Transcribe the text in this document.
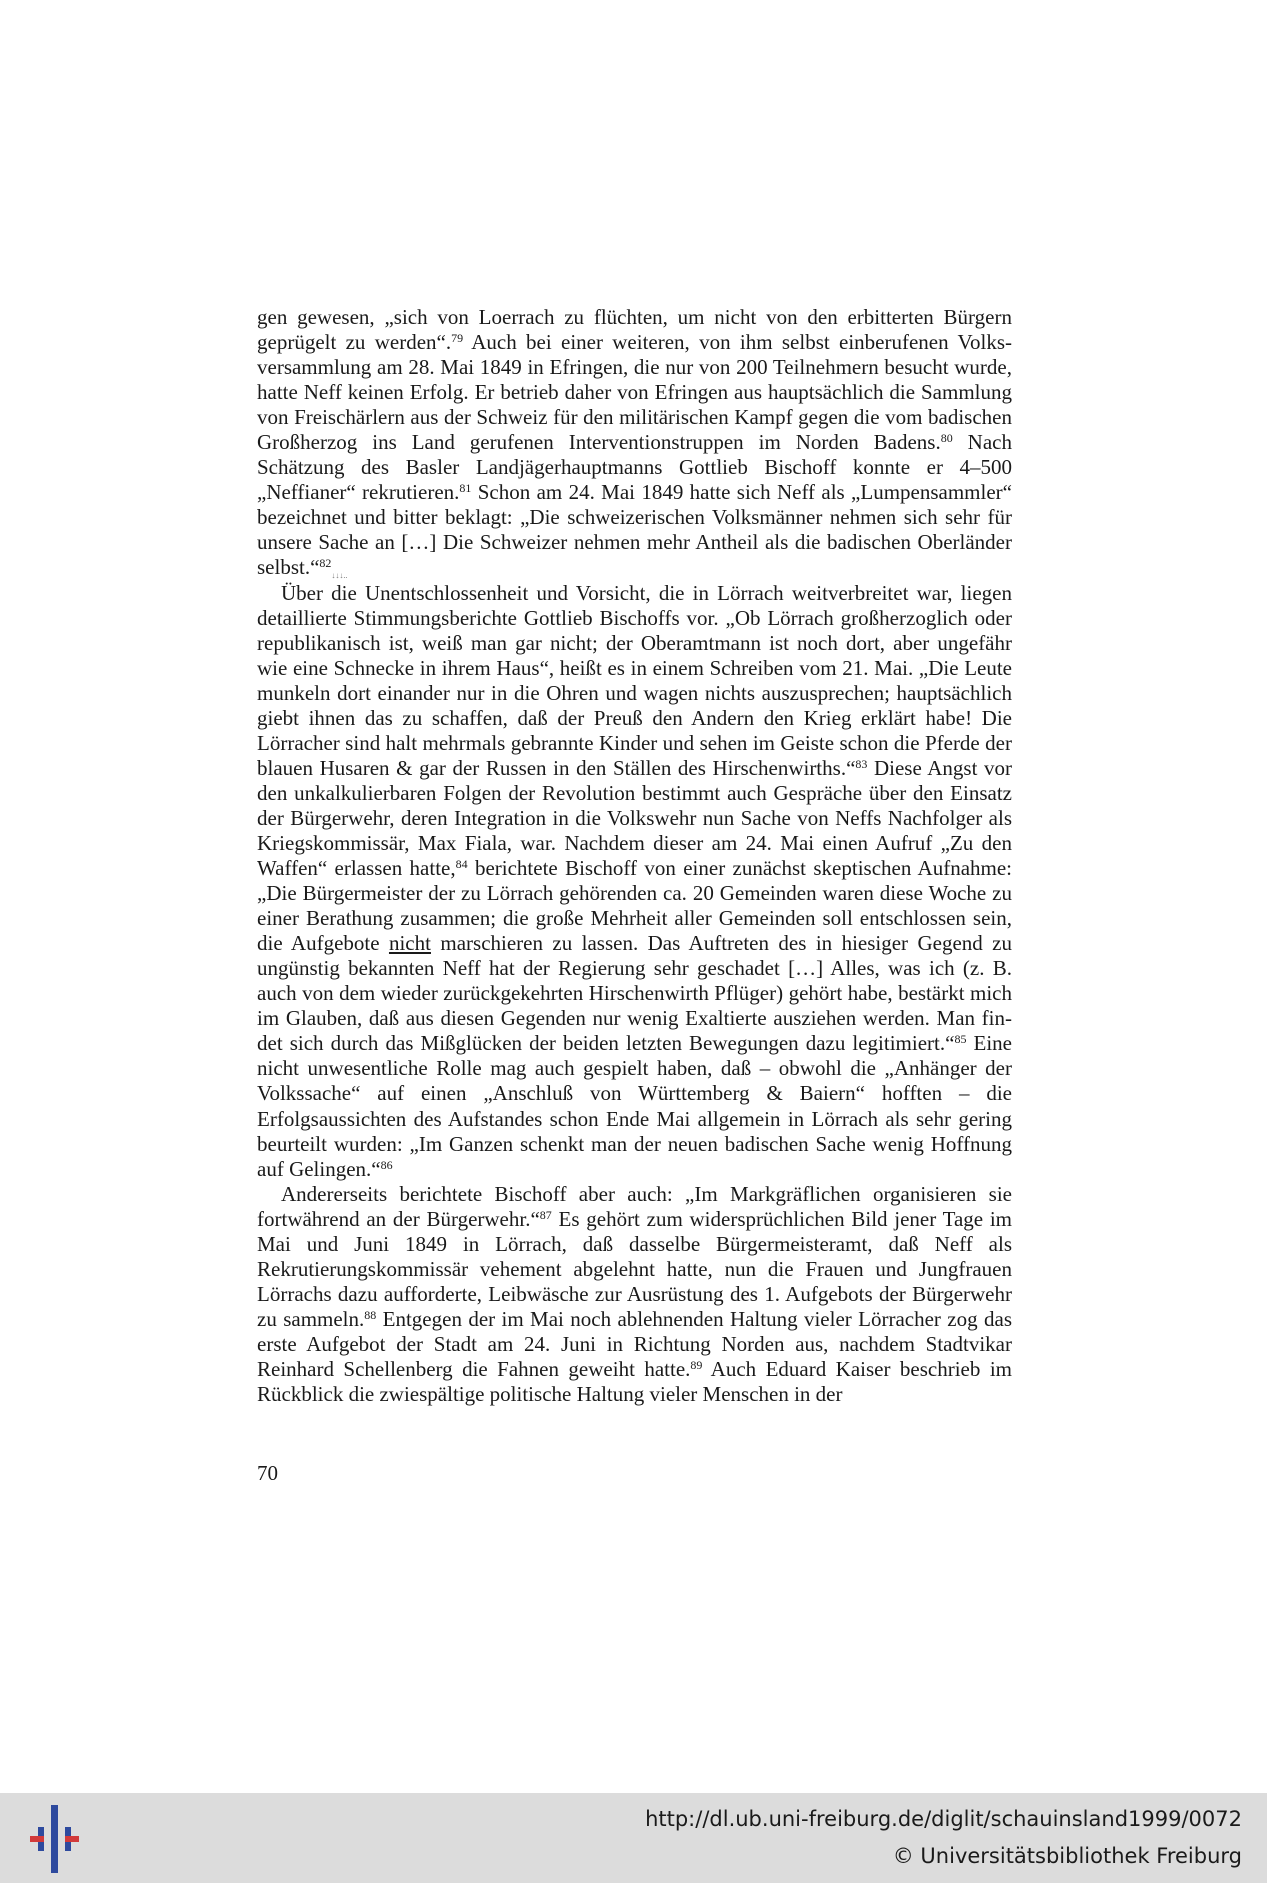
gen gewesen, „sich von Loerrach zu flüchten, um nicht von den erbitterten Bürgern geprügelt zu werden“.$^{79}$ Auch bei einer weiteren, von ihm selbst einberufenen Volksversammlung am 28. Mai 1849 in Efringen, die nur von 200 Teilnehmern besucht wurde, hatte Neff keinen Erfolg. Er betrieb daher von Efringen aus hauptsächlich die Sammlung von Freischärlern aus der Schweiz für den militärischen Kampf gegen die vom badischen Großherzog ins Land gerufenen Interventionstruppen im Norden Badens.$^{80}$ Nach Schätzung des Basler Landjägerhauptmanns Gottlieb Bischoff konnte er 4–500 „Neffianer“ rekrutieren.$^{81}$ Schon am 24. Mai 1849 hatte sich Neff als „Lumpensammler“ bezeichnet und bitter beklagt: „Die schweizerischen Volksmänner nehmen sich sehr für unsere Sache an […] Die Schweizer nehmen mehr Antheil als die badischen Oberländer selbst.“$^{82}$↓↓↓..

Über die Unentschlossenheit und Vorsicht, die in Lörrach weitverbreitet war, liegen detaillierte Stimmungsberichte Gottlieb Bischoffs vor. „Ob Lörrach großherzoglich oder republikanisch ist, weiß man gar nicht; der Oberamtmann ist noch dort, aber ungefähr wie eine Schnecke in ihrem Haus“, heißt es in einem Schreiben vom 21. Mai. „Die Leute munkeln dort einander nur in die Ohren und wagen nichts auszusprechen; hauptsächlich giebt ihnen das zu schaffen, daß der Preuß den Andern den Krieg erklärt habe! Die Lörracher sind halt mehrmals gebrannte Kinder und sehen im Geiste schon die Pferde der blauen Husaren & gar der Russen in den Ställen des Hirschenwirths.“$^{83}$ Diese Angst vor den unkalkulierbaren Folgen der Revolution bestimmt auch Gespräche über den Einsatz der Bürgerwehr, deren Integration in die Volkswehr nun Sache von Neffs Nachfolger als Kriegskommissär, Max Fiala, war. Nachdem dieser am 24. Mai einen Aufruf „Zu den Waffen“ erlassen hatte,$^{84}$ berichtete Bischoff von einer zunächst skeptischen Aufnahme: „Die Bürgermeister der zu Lörrach gehörenden ca. 20 Gemeinden waren diese Woche zu einer Berathung zusammen; die große Mehrheit aller Gemeinden soll entschlossen sein, die Aufgebote nicht marschieren zu lassen. Das Auftreten des in hiesiger Gegend zu ungünstig bekannten Neff hat der Regierung sehr geschadet […] Alles, was ich (z. B. auch von dem wieder zurückgekehrten Hirschenwirth Pflüger) gehört habe, bestärkt mich im Glauben, daß aus diesen Gegenden nur wenig Exaltierte ausziehen werden. Man findet sich durch das Mißglücken der beiden letzten Bewegungen dazu legitimiert.“$^{85}$ Eine nicht unwesentliche Rolle mag auch gespielt haben, daß – obwohl die „Anhänger der Volkssache“ auf einen „Anschluß von Württemberg & Baiern“ hofften – die Erfolgsaussichten des Aufstandes schon Ende Mai allgemein in Lörrach als sehr gering beurteilt wurden: „Im Ganzen schenkt man der neuen badischen Sache wenig Hoffnung auf Gelingen.“$^{86}$

Andererseits berichtete Bischoff aber auch: „Im Markgräflichen organisieren sie fortwährend an der Bürgerwehr.“$^{87}$ Es gehört zum widersprüchlichen Bild jener Tage im Mai und Juni 1849 in Lörrach, daß dasselbe Bürgermeisteramt, daß Neff als Rekrutierungskommissär vehement abgelehnt hatte, nun die Frauen und Jungfrauen Lörrachs dazu aufforderte, Leibwäsche zur Ausrüstung des 1. Aufgebots der Bürgerwehr zu sammeln.$^{88}$ Entgegen der im Mai noch ablehnenden Haltung vieler Lörracher zog das erste Aufgebot der Stadt am 24. Juni in Richtung Norden aus, nachdem Stadtvikar Reinhard Schellenberg die Fahnen geweiht hatte.$^{89}$ Auch Eduard Kaiser beschrieb im Rückblick die zwiespältige politische Haltung vieler Menschen in der

70
http://dl.ub.uni-freiburg.de/diglit/schauinsland1999/0072
© Universitätsbibliothek Freiburg
